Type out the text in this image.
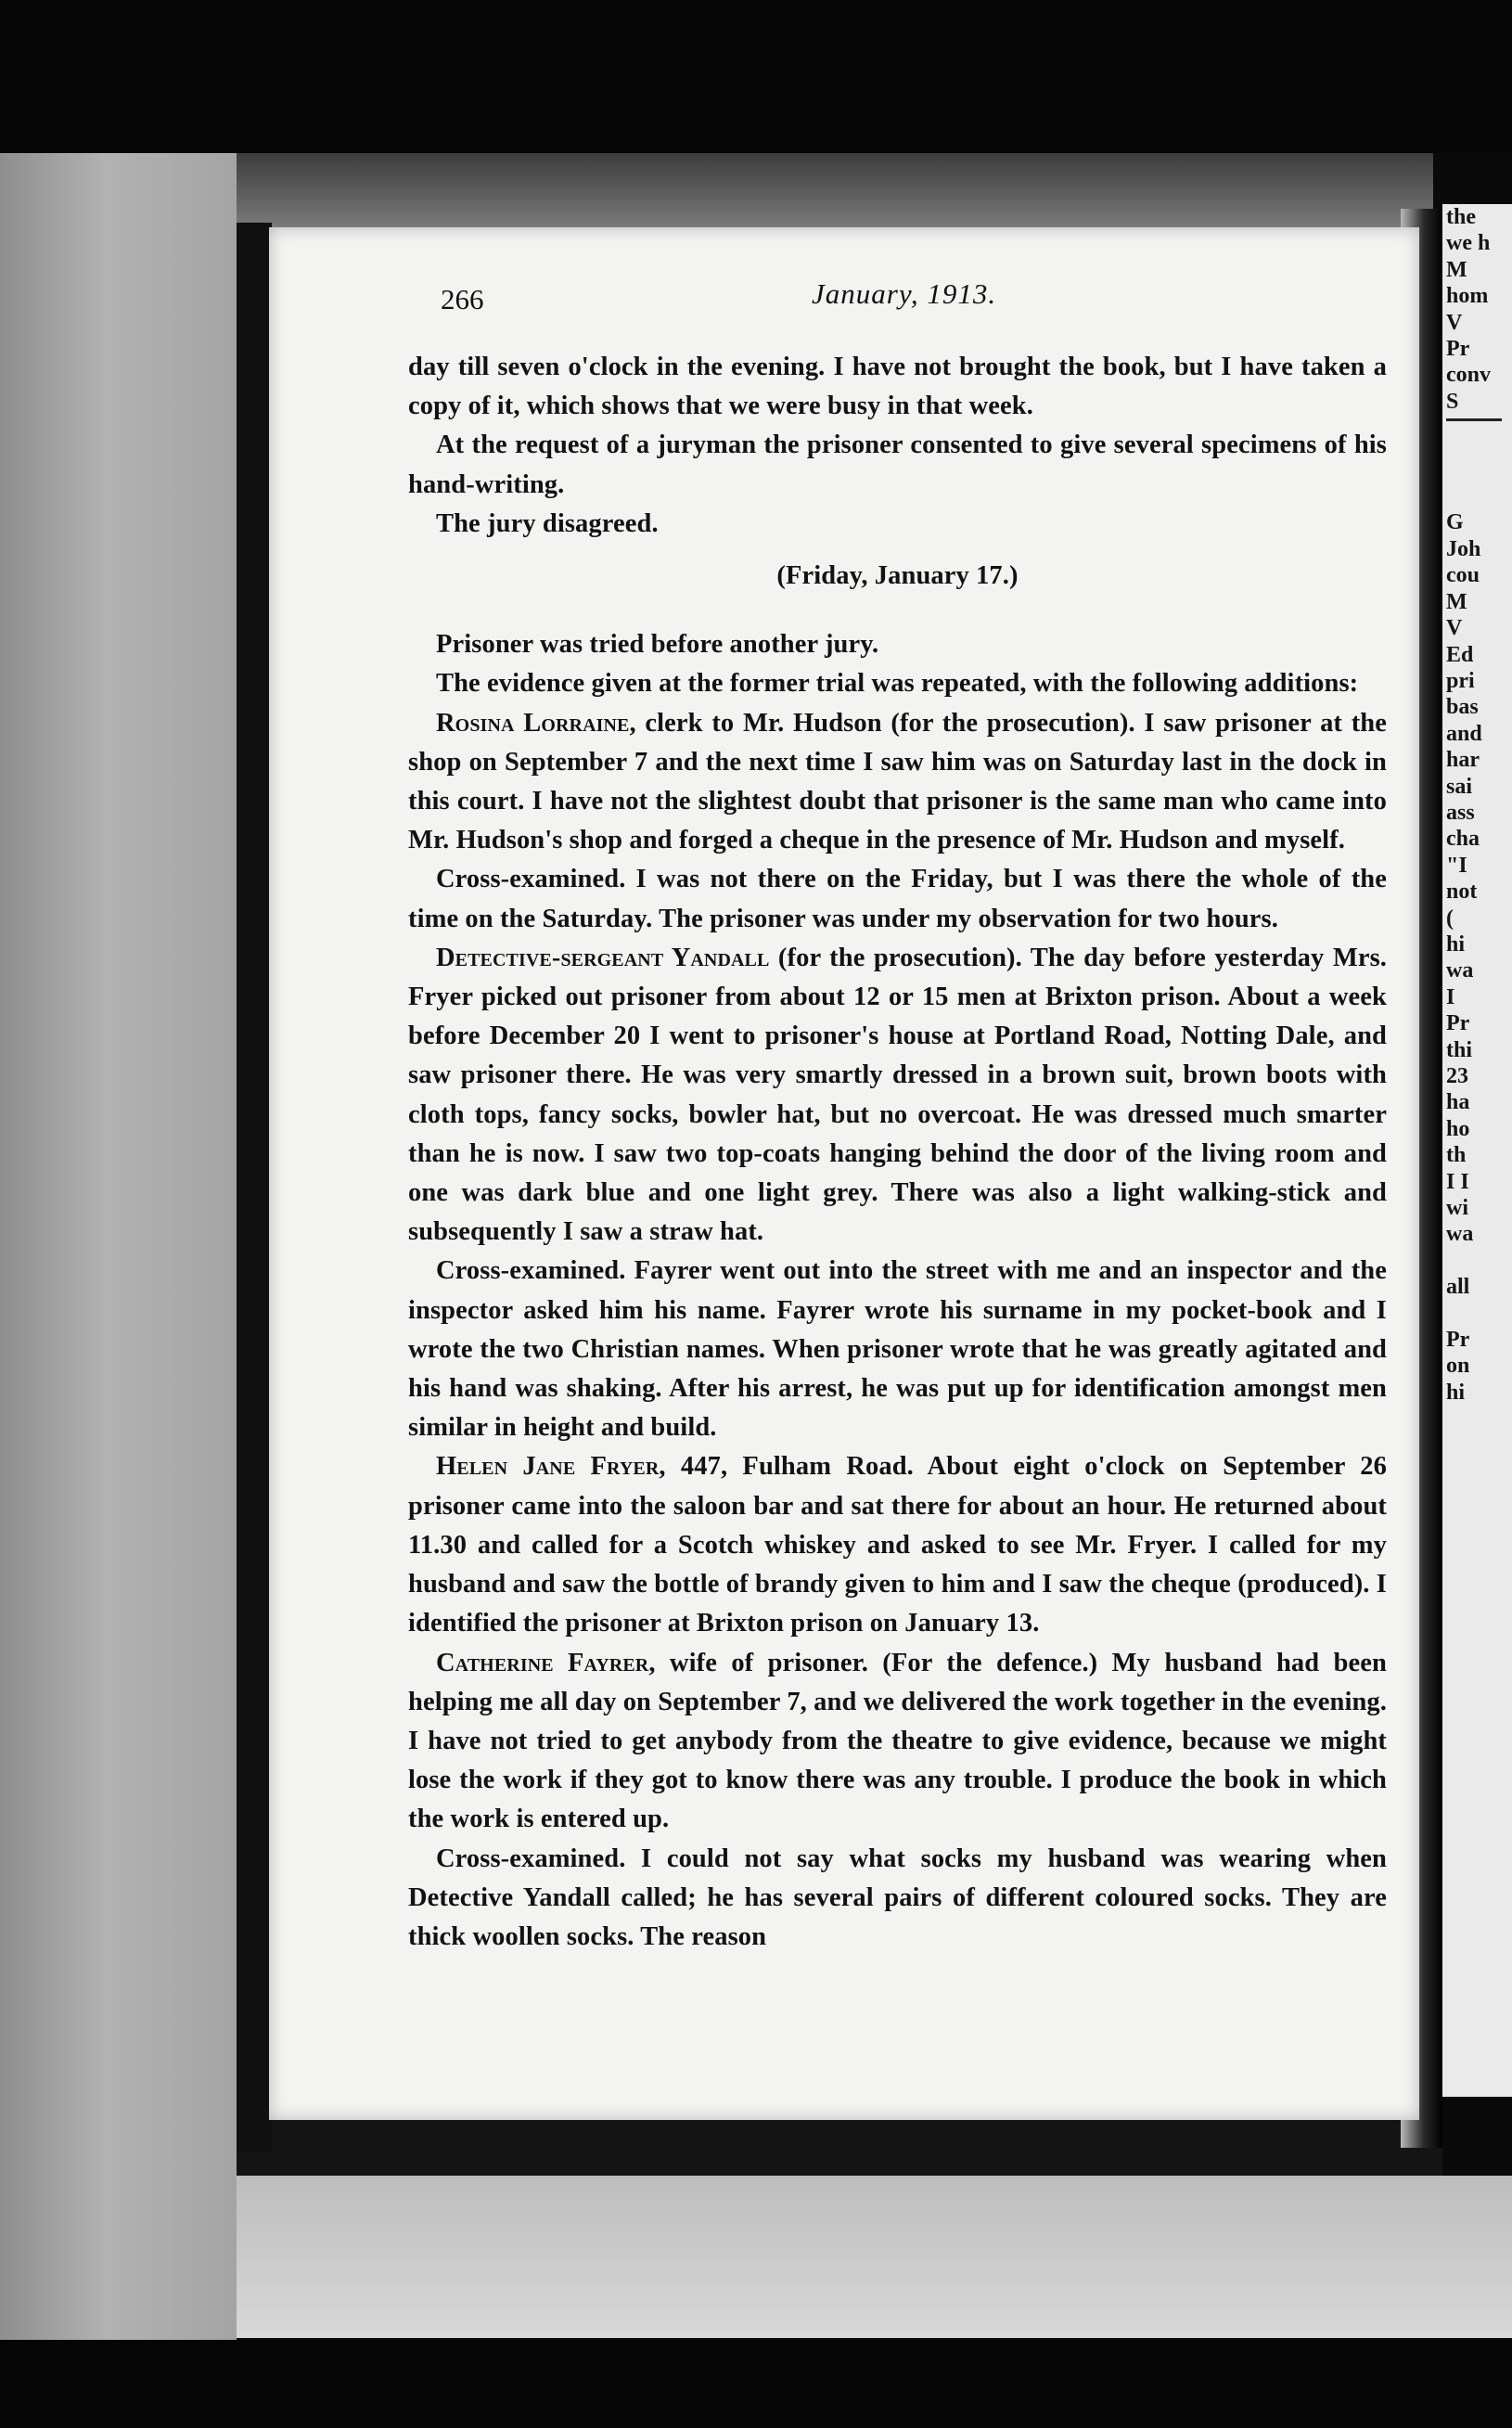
the
we h
M
hom
V
Pr
conv
S

G
Joh
cou
M
V
Ed
pri
bas
and
har
sai
ass
cha
"I
not
(
hi
wa
I
Pr
thi
23
ha
ho
th
I I
wi
wa

all

Pr
on
hi
266	January, 1913.

day till seven o'clock in the evening. I have not brought the book, but I have taken a copy of it, which shows that we were busy in that week.

At the request of a juryman the prisoner consented to give several specimens of his hand-writing.

The jury disagreed.

(Friday, January 17.)

Prisoner was tried before another jury.

The evidence given at the former trial was repeated, with the following additions:

Rosina Lorraine, clerk to Mr. Hudson (for the prosecution). I saw prisoner at the shop on September 7 and the next time I saw him was on Saturday last in the dock in this court. I have not the slightest doubt that prisoner is the same man who came into Mr. Hudson's shop and forged a cheque in the presence of Mr. Hudson and myself.

Cross-examined. I was not there on the Friday, but I was there the whole of the time on the Saturday. The prisoner was under my observation for two hours.

Detective-sergeant Yandall (for the prosecution). The day before yesterday Mrs. Fryer picked out prisoner from about 12 or 15 men at Brixton prison. About a week before December 20 I went to prisoner's house at Portland Road, Notting Dale, and saw prisoner there. He was very smartly dressed in a brown suit, brown boots with cloth tops, fancy socks, bowler hat, but no overcoat. He was dressed much smarter than he is now. I saw two top-coats hanging behind the door of the living room and one was dark blue and one light grey. There was also a light walking-stick and subsequently I saw a straw hat.

Cross-examined. Fayrer went out into the street with me and an inspector and the inspector asked him his name. Fayrer wrote his surname in my pocket-book and I wrote the two Christian names. When prisoner wrote that he was greatly agitated and his hand was shaking. After his arrest, he was put up for identification amongst men similar in height and build.

Helen Jane Fryer, 447, Fulham Road. About eight o'clock on September 26 prisoner came into the saloon bar and sat there for about an hour. He returned about 11.30 and called for a Scotch whiskey and asked to see Mr. Fryer. I called for my husband and saw the bottle of brandy given to him and I saw the cheque (produced). I identified the prisoner at Brixton prison on January 13.

Catherine Fayrer, wife of prisoner. (For the defence.) My husband had been helping me all day on September 7, and we delivered the work together in the evening. I have not tried to get anybody from the theatre to give evidence, because we might lose the work if they got to know there was any trouble. I produce the book in which the work is entered up.

Cross-examined. I could not say what socks my husband was wearing when Detective Yandall called; he has several pairs of different coloured socks. They are thick woollen socks. The reason
